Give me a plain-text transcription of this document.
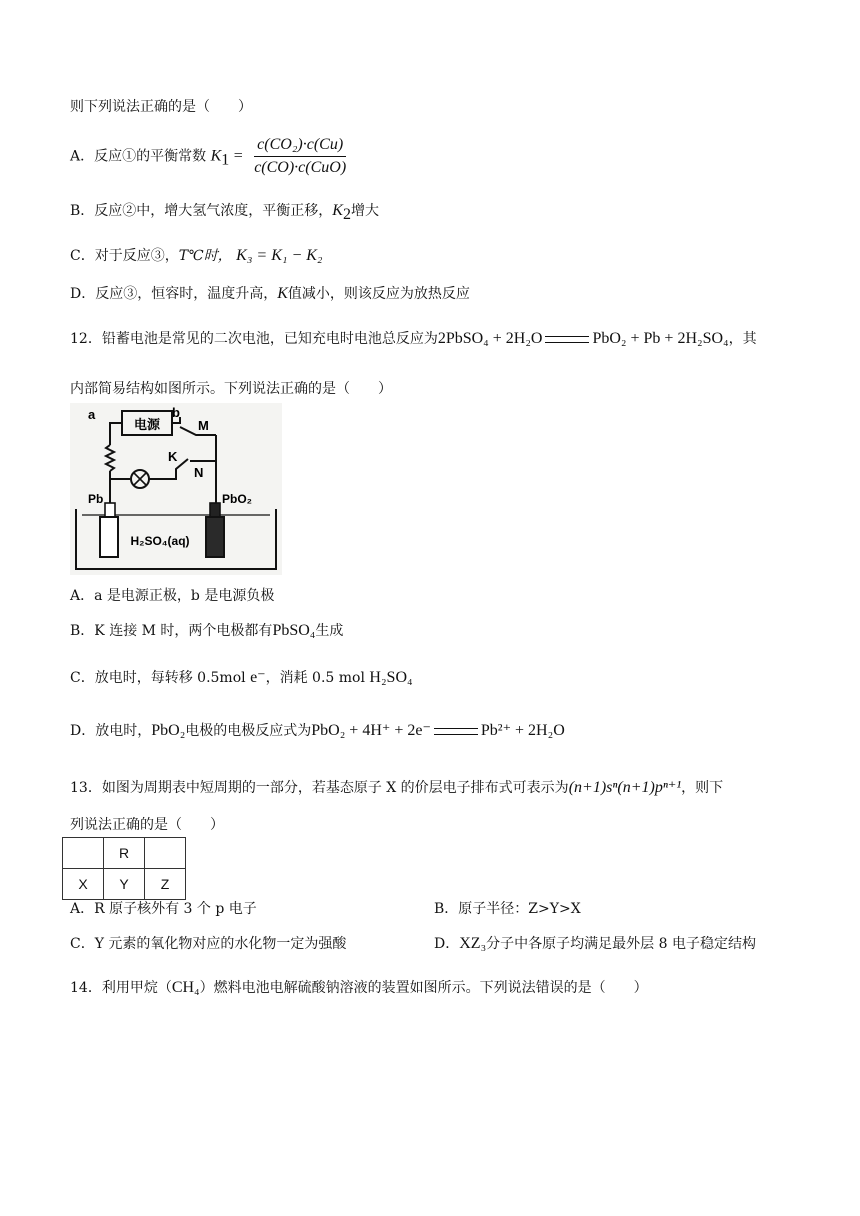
则下列说法正确的是（　　）
A．反应①的平衡常数 $K_1 = \frac{\text{c(CO₂)·c(Cu)}}{\text{c(CO)·c(CuO)}}$
B．反应②中，增大氢气浓度，平衡正移，$K_2$增大
C．对于反应③，T℃时， K₃ = K₁ − K₂
D．反应③，恒容时，温度升高，K值减小，则该反应为放热反应
12．铅蓄电池是常见的二次电池，已知充电时电池总反应为2PbSO₄ + 2H₂O	PbO₂ + Pb + 2H₂SO₄，其
内部简易结构如图所示。下列说法正确的是（　　）
a	b
电源
K
M
N
Pb	PbO₂
H₂SO₄(aq)
A．a 是电源正极，b 是电源负极
B．K 连接 M 时，两个电极都有PbSO₄生成
C．放电时，每转移 0.5mol e⁻，消耗 0.5 mol H₂SO₄
D．放电时，PbO₂电极的电极反应式为PbO₂ + 4H⁺ + 2e⁻	Pb²⁺ + 2H₂O
13．如图为周期表中短周期的一部分，若基态原子 X 的价层电子排布式可表示为(n+1)sⁿ(n+1)pⁿ⁺¹，则下
列说法正确的是（　　）
	R	
X	Y	Z
A．R 原子核外有 3 个 p 电子	B．原子半径：Z>Y>X
C．Y 元素的氧化物对应的水化物一定为强酸	D．XZ₃分子中各原子均满足最外层 8 电子稳定结构
14．利用甲烷（CH₄）燃料电池电解硫酸钠溶液的装置如图所示。下列说法错误的是（　　）
